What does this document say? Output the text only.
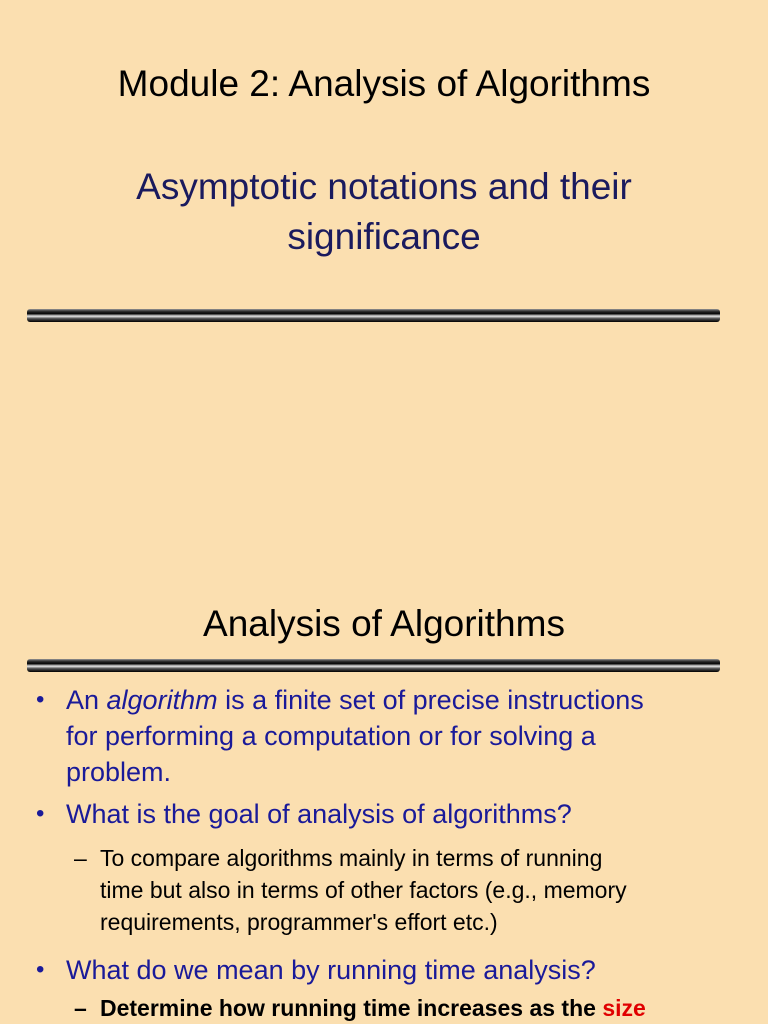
Module 2: Analysis of Algorithms
Asymptotic notations and their
significance
Analysis of Algorithms
• An algorithm is a finite set of precise instructions
for performing a computation or for solving a
problem.
• What is the goal of analysis of algorithms?
– To compare algorithms mainly in terms of running
time but also in terms of other factors (e.g., memory
requirements, programmer's effort etc.)
• What do we mean by running time analysis?
– Determine how running time increases as the size
